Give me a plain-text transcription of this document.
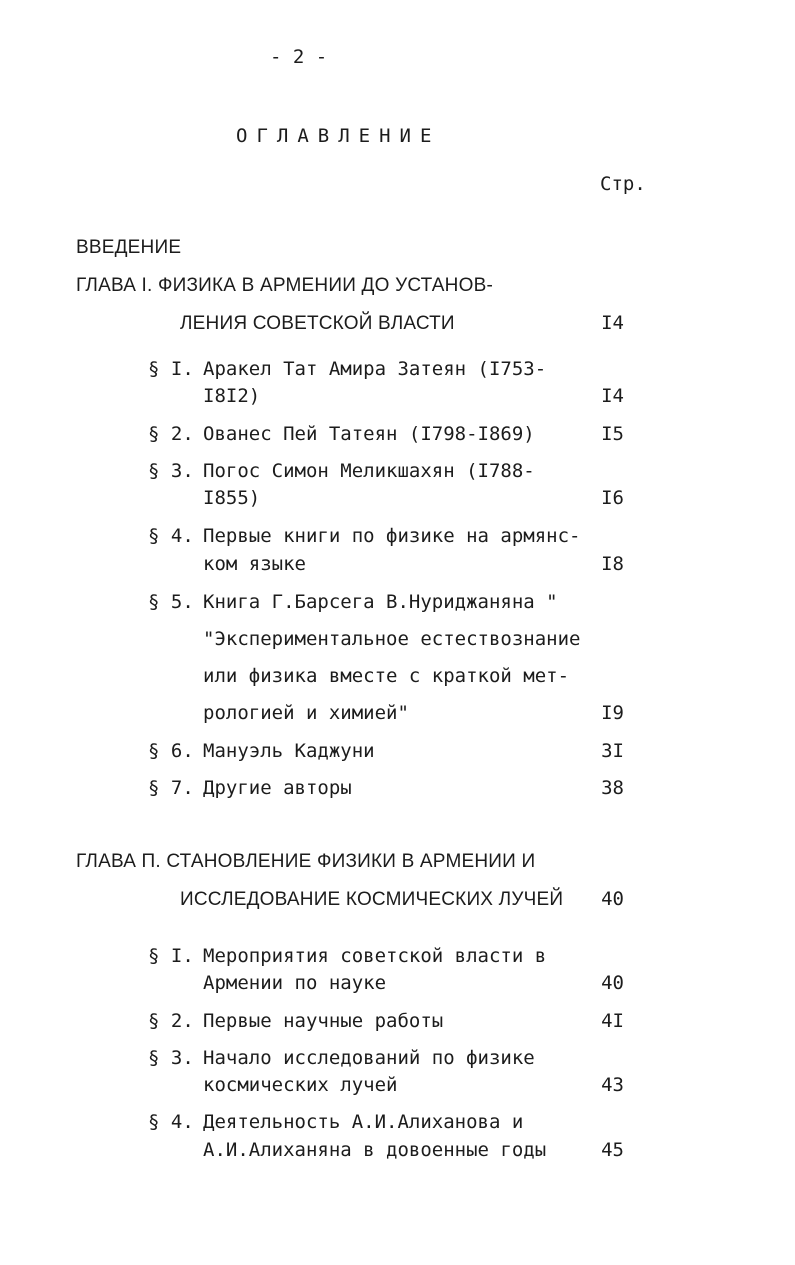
- 2 -
ОГЛАВЛЕНИЕ
Стр.
ВВЕДЕНИЕ
ГЛАВА I. ФИЗИКА В АРМЕНИИ ДО УСТАНОВ-
ЛЕНИЯ СОВЕТСКОЙ ВЛАСТИ	I4
§ I. Аракел Тат Амира Затеян (I753-
I8I2)	I4
§ 2. Ованес Пей Татеян (I798-I869)	I5
§ 3. Погос Симон Меликшахян (I788-
I855)	I6
§ 4. Первые книги по физике на армянс-
ком языке	I8
§ 5. Книга Г.Барсега В.Нуриджаняна "
"Экспериментальное естествознание
или физика вместе с краткой мет-
рологией и химией"	I9
§ 6. Мануэль Каджуни	3I
§ 7. Другие авторы	38
ГЛАВА П. СТАНОВЛЕНИЕ ФИЗИКИ В АРМЕНИИ И
ИССЛЕДОВАНИЕ КОСМИЧЕСКИХ ЛУЧЕЙ	40
§ I. Мероприятия советской власти в
Армении по науке	40
§ 2. Первые научные работы	4I
§ 3. Начало исследований по физике
космических лучей	43
§ 4. Деятельность А.И.Алиханова и
А.И.Алиханяна в довоенные годы	45
